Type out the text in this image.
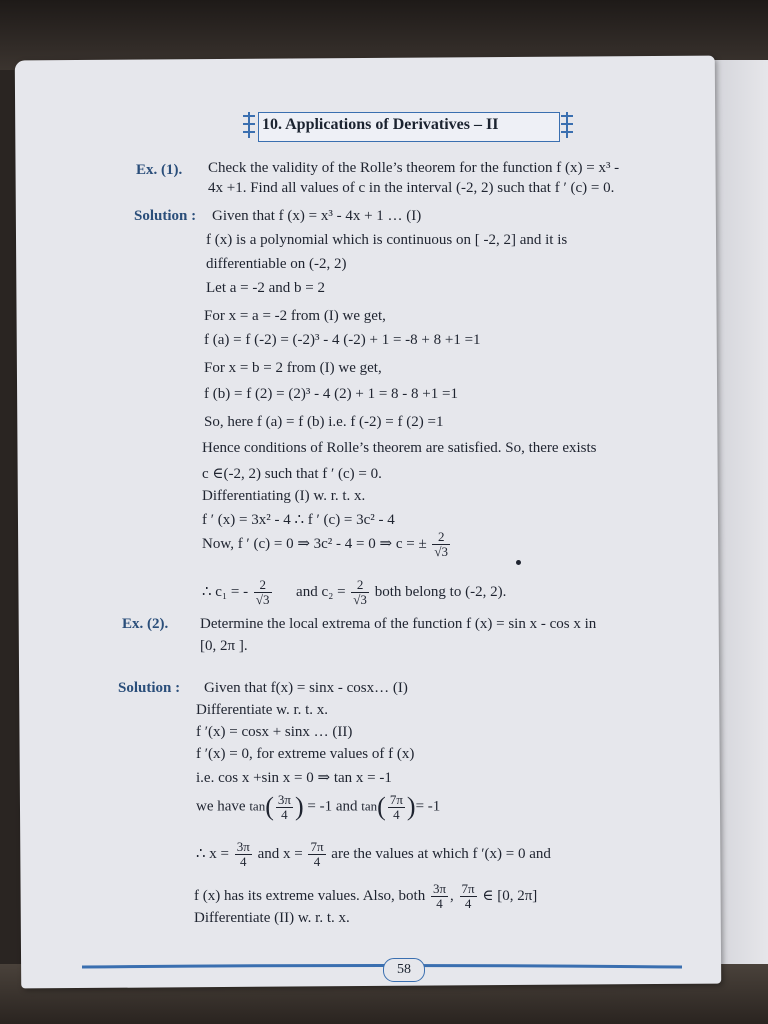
10. Applications of Derivatives – II
Ex. (1). Check the validity of the Rolle’s theorem for the function f (x) = x³ -
4x +1. Find all values of c in the interval (-2, 2) such that f ′ (c) = 0.
Solution : Given that f (x) = x³ - 4x + 1 … (I)
f (x) is a polynomial which is continuous on [ -2, 2] and it is
differentiable on (-2, 2)
Let a = -2 and b = 2
For x = a = -2 from (I) we get,
f (a) = f (-2) = (-2)³ - 4 (-2) + 1 = -8 + 8 +1 =1
For x = b = 2 from (I) we get,
f (b) = f (2) = (2)³ - 4 (2) + 1 = 8 - 8 +1 =1
So, here f (a) = f (b) i.e. f (-2) = f (2) =1
Hence conditions of Rolle’s theorem are satisfied. So, there exists
c ∈(-2, 2) such that f ′ (c) = 0.
Differentiating (I) w. r. t. x.
f ′ (x) = 3x² - 4 ∴ f ′ (c) = 3c² - 4
Now, f ′ (c) = 0 ⇒ 3c² - 4 = 0 ⇒ c = ± $\frac{2}{√3}$
∴ c₁ = - $\frac{2}{√3}$ and $c_2 = \frac{2}{√3}$ both belong to (-2, 2).
Ex. (2). Determine the local extrema of the function f (x) = sin x - cos x in
[0, 2π ].
Solution : Given that f(x) = sinx - cosx… (I)
Differentiate w. r. t. x.
f ′(x) = cosx + sinx … (II)
f ′(x) = 0, for extreme values of f (x)
i.e. cos x +sin x = 0 ⇒ tan x = -1
we have $\tan( \frac{3\pi}{4}$ ) = -1 and $\tan( \frac{7\pi}{4}$ )= -1
∴ $x = \frac{3\pi}{4}$ and $x = \frac{7\pi}{4}$ are the values at which f ′(x) = 0 and
f (x) has its extreme values. Also, both $\frac{3\pi}{4}$ , $\frac{7\pi}{4}$ ∈ [0, 2π]
Differentiate (II) w. r. t. x.
58
